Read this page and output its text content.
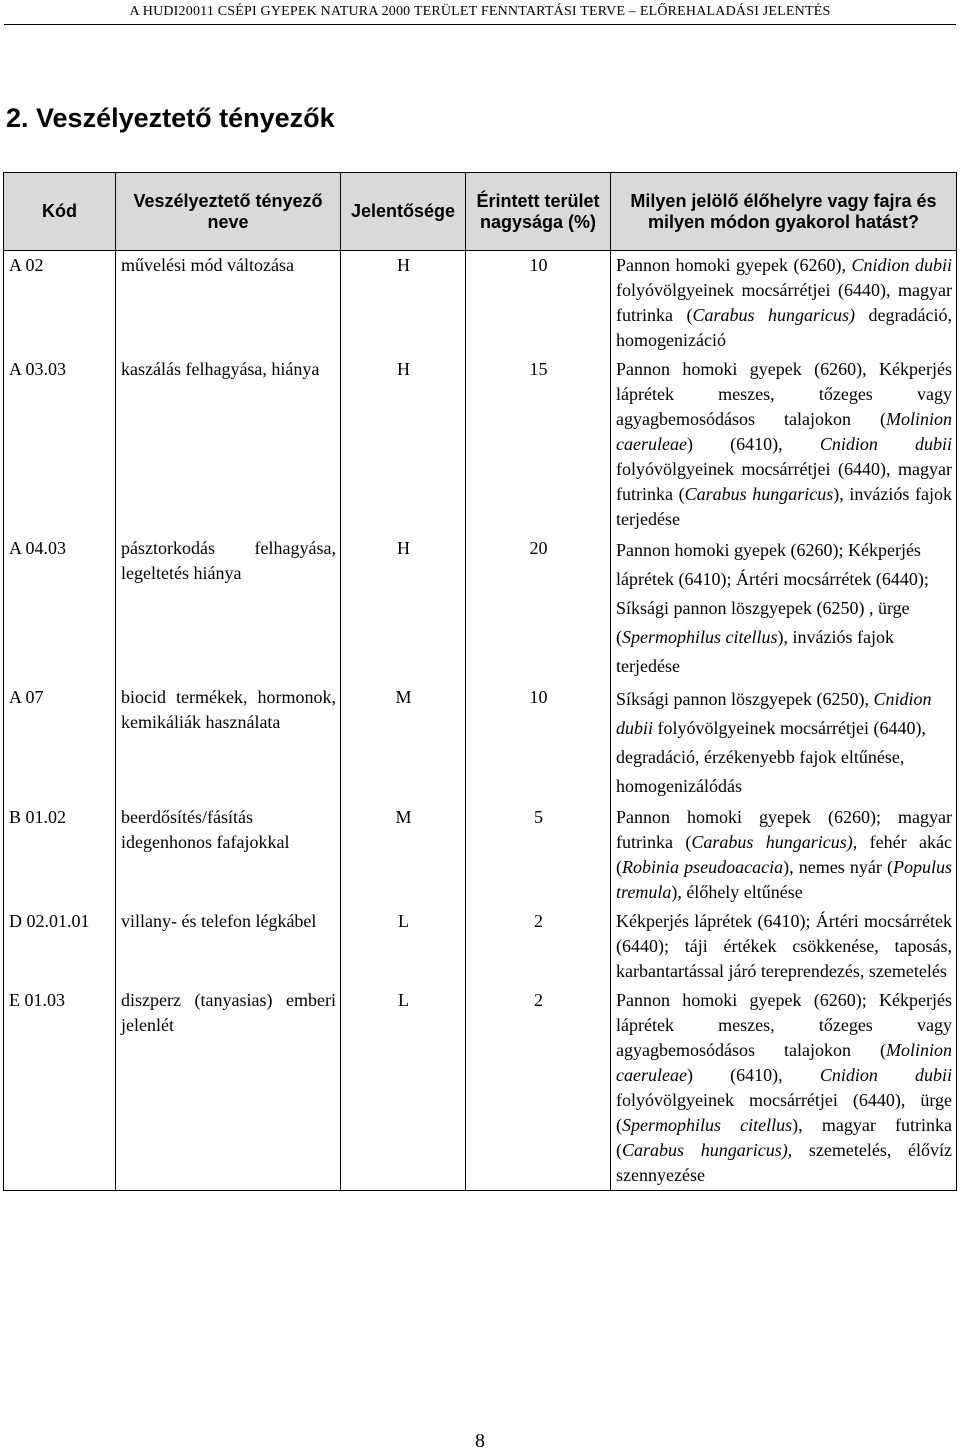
A HUDI20011 CSÉPI GYEPEK NATURA 2000 TERÜLET FENNTARTÁSI TERVE – ELŐREHALADÁSI JELENTÉS
2. Veszélyeztető tényezők
Kód	Veszélyeztető tényező neve	Jelentősége	Érintett terület nagysága (%)	Milyen jelölő élőhelyre vagy fajra és milyen módon gyakorol hatást?
A 02	művelési mód változása	H	10	Pannon homoki gyepek (6260), Cnidion dubii folyóvölgyeinek mocsárrétjei (6440), magyar futrinka (Carabus hungaricus) degradáció, homogenizáció
A 03.03	kaszálás felhagyása, hiánya	H	15	Pannon homoki gyepek (6260), Kékperjés láprétek meszes, tőzeges vagy agyagbemosódásos talajokon (Molinion caeruleae) (6410), Cnidion dubii folyóvölgyeinek mocsárrétjei (6440), magyar futrinka (Carabus hungaricus), inváziós fajok terjedése
A 04.03	pásztorkodás felhagyása, legeltetés hiánya	H	20	Pannon homoki gyepek (6260); Kékperjés láprétek (6410); Ártéri mocsárrétek (6440); Síksági pannon löszgyepek (6250) , ürge (Spermophilus citellus), inváziós fajok terjedése
A 07	biocid termékek, hormonok, kemikáliák használata	M	10	Síksági pannon löszgyepek (6250), Cnidion dubii folyóvölgyeinek mocsárrétjei (6440), degradáció, érzékenyebb fajok eltűnése, homogenizálódás
B 01.02	beerdősítés/fásítás idegenhonos fafajokkal	M	5	Pannon homoki gyepek (6260); magyar futrinka (Carabus hungaricus), fehér akác (Robinia pseudoacacia), nemes nyár (Populus tremula), élőhely eltűnése
D 02.01.01	villany- és telefon légkábel	L	2	Kékperjés láprétek (6410); Ártéri mocsárrétek (6440); táji értékek csökkenése, taposás, karbantartással járó tereprendezés, szemetelés
E 01.03	diszperz (tanyasias) emberi jelenlét	L	2	Pannon homoki gyepek (6260); Kékperjés láprétek meszes, tőzeges vagy agyagbemosódásos talajokon (Molinion caeruleae) (6410), Cnidion dubii folyóvölgyeinek mocsárrétjei (6440), ürge (Spermophilus citellus), magyar futrinka (Carabus hungaricus), szemetelés, élővíz szennyezése
8
